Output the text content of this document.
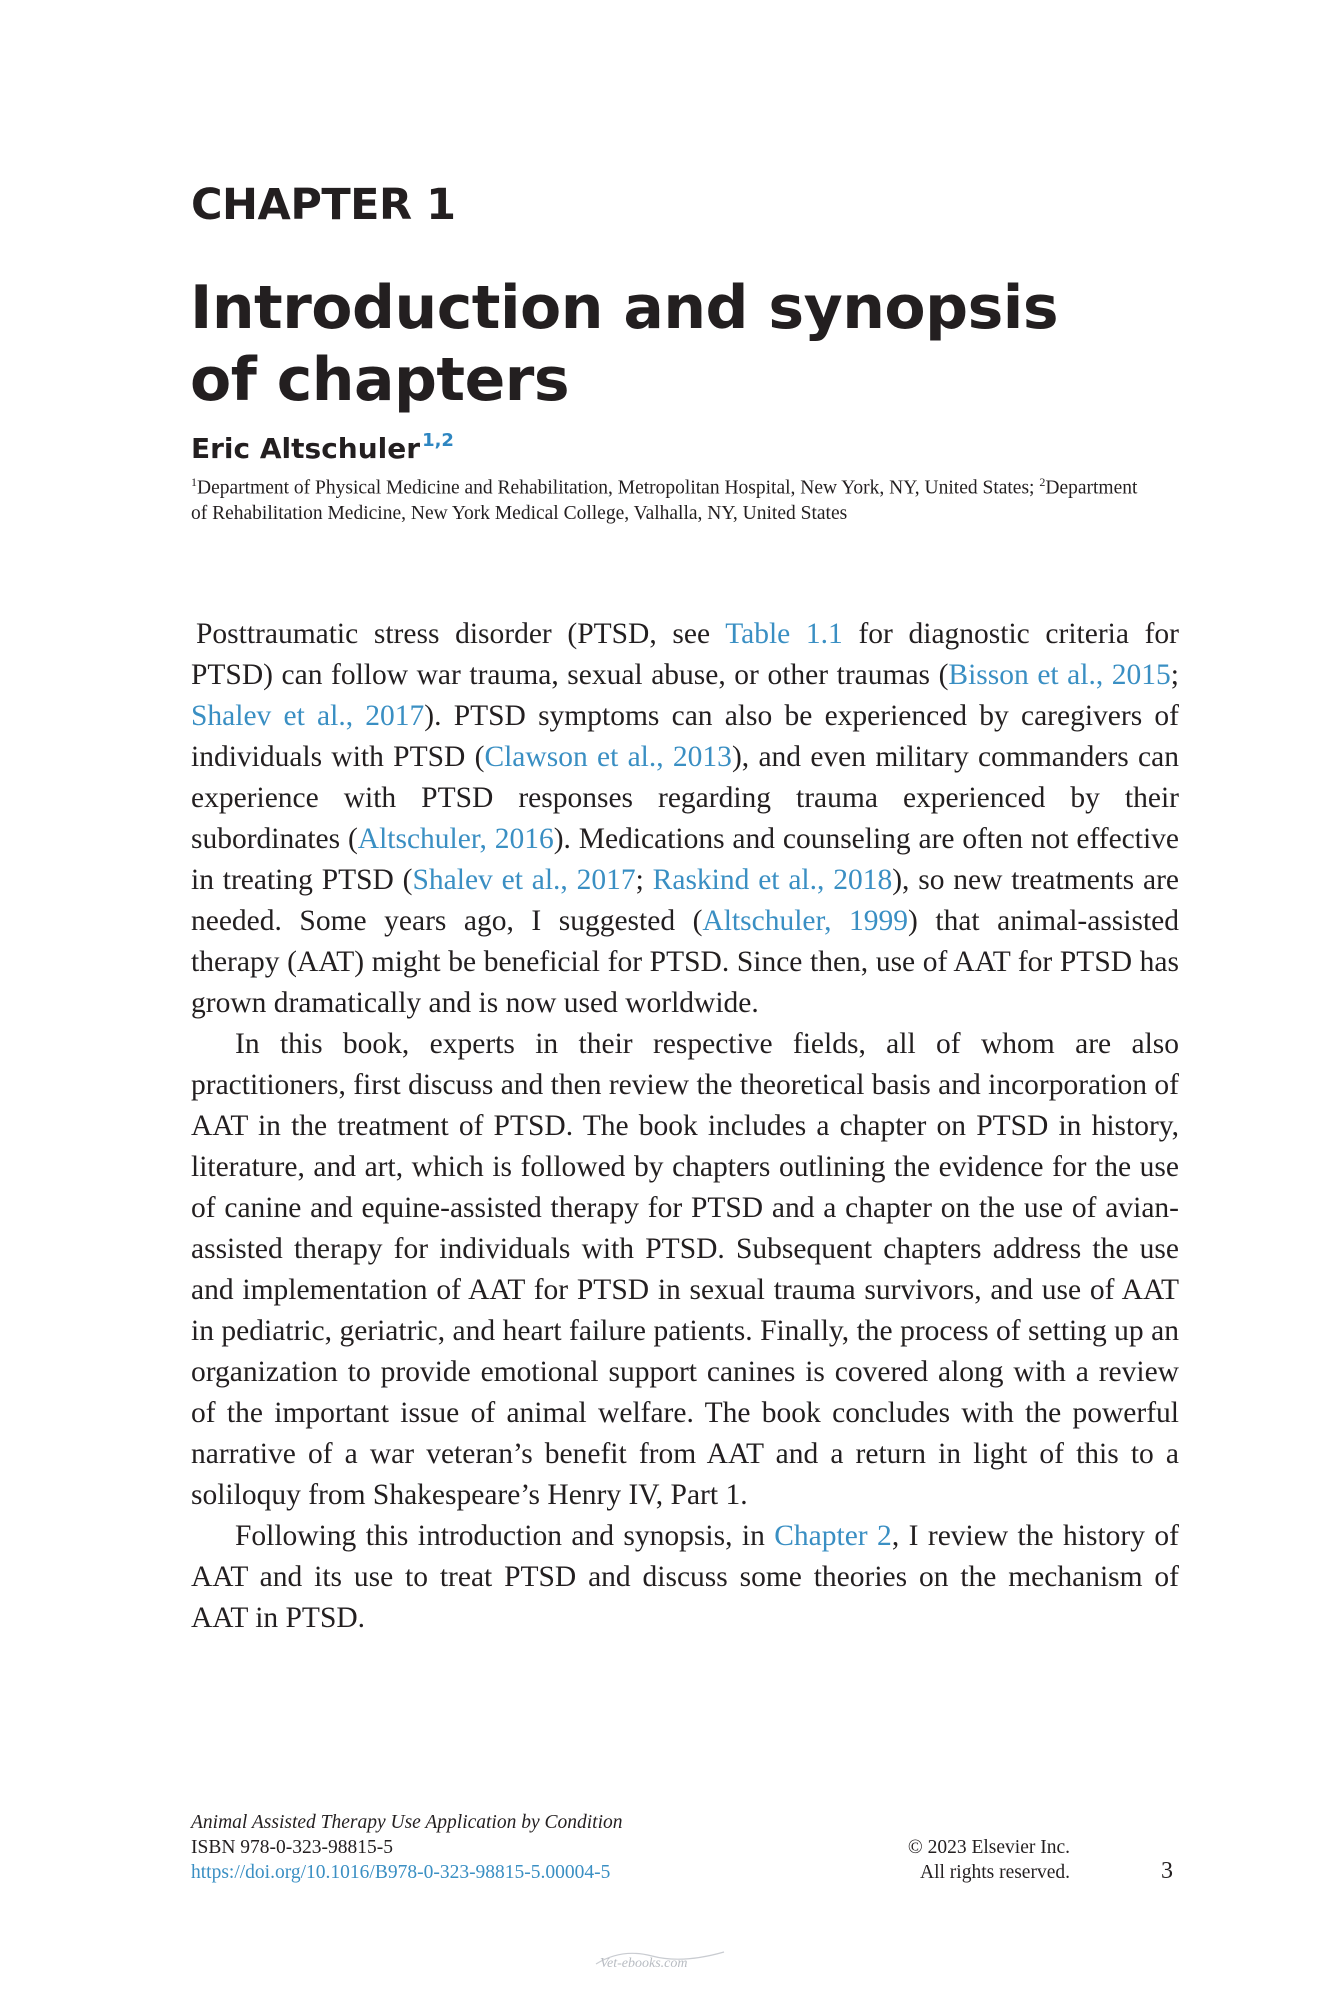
CHAPTER 1
Introduction and synopsis of chapters
Eric Altschuler $^{1,2}$
$^1$Department of Physical Medicine and Rehabilitation, Metropolitan Hospital, New York, NY, United States; $^2$Department of Rehabilitation Medicine, New York Medical College, Valhalla, NY, United States

Posttraumatic stress disorder (PTSD, see Table 1.1 for diagnostic criteria for PTSD) can follow war trauma, sexual abuse, or other traumas (Bisson et al., 2015; Shalev et al., 2017). PTSD symptoms can also be experienced by caregivers of individuals with PTSD (Clawson et al., 2013), and even military commanders can experience with PTSD responses regarding trauma experienced by their subordinates (Altschuler, 2016). Medications and counseling are often not effective in treating PTSD (Shalev et al., 2017; Raskind et al., 2018), so new treatments are needed. Some years ago, I suggested (Altschuler, 1999) that animal-assisted therapy (AAT) might be beneficial for PTSD. Since then, use of AAT for PTSD has grown dramatically and is now used worldwide.

In this book, experts in their respective fields, all of whom are also practitioners, first discuss and then review the theoretical basis and incorporation of AAT in the treatment of PTSD. The book includes a chapter on PTSD in history, literature, and art, which is followed by chapters outlining the evidence for the use of canine and equine-assisted therapy for PTSD and a chapter on the use of avian-assisted therapy for individuals with PTSD. Subsequent chapters address the use and implementation of AAT for PTSD in sexual trauma survivors, and use of AAT in pediatric, geriatric, and heart failure patients. Finally, the process of setting up an organization to provide emotional support canines is covered along with a review of the important issue of animal welfare. The book concludes with the powerful narrative of a war veteran’s benefit from AAT and a return in light of this to a soliloquy from Shakespeare’s Henry IV, Part 1.

Following this introduction and synopsis, in Chapter 2, I review the history of AAT and its use to treat PTSD and discuss some theories on the mechanism of AAT in PTSD.

Animal Assisted Therapy Use Application by Condition
ISBN 978-0-323-98815-5
https://doi.org/10.1016/B978-0-323-98815-5.00004-5
© 2023 Elsevier Inc.
All rights reserved.	3
Vet-ebooks.com
